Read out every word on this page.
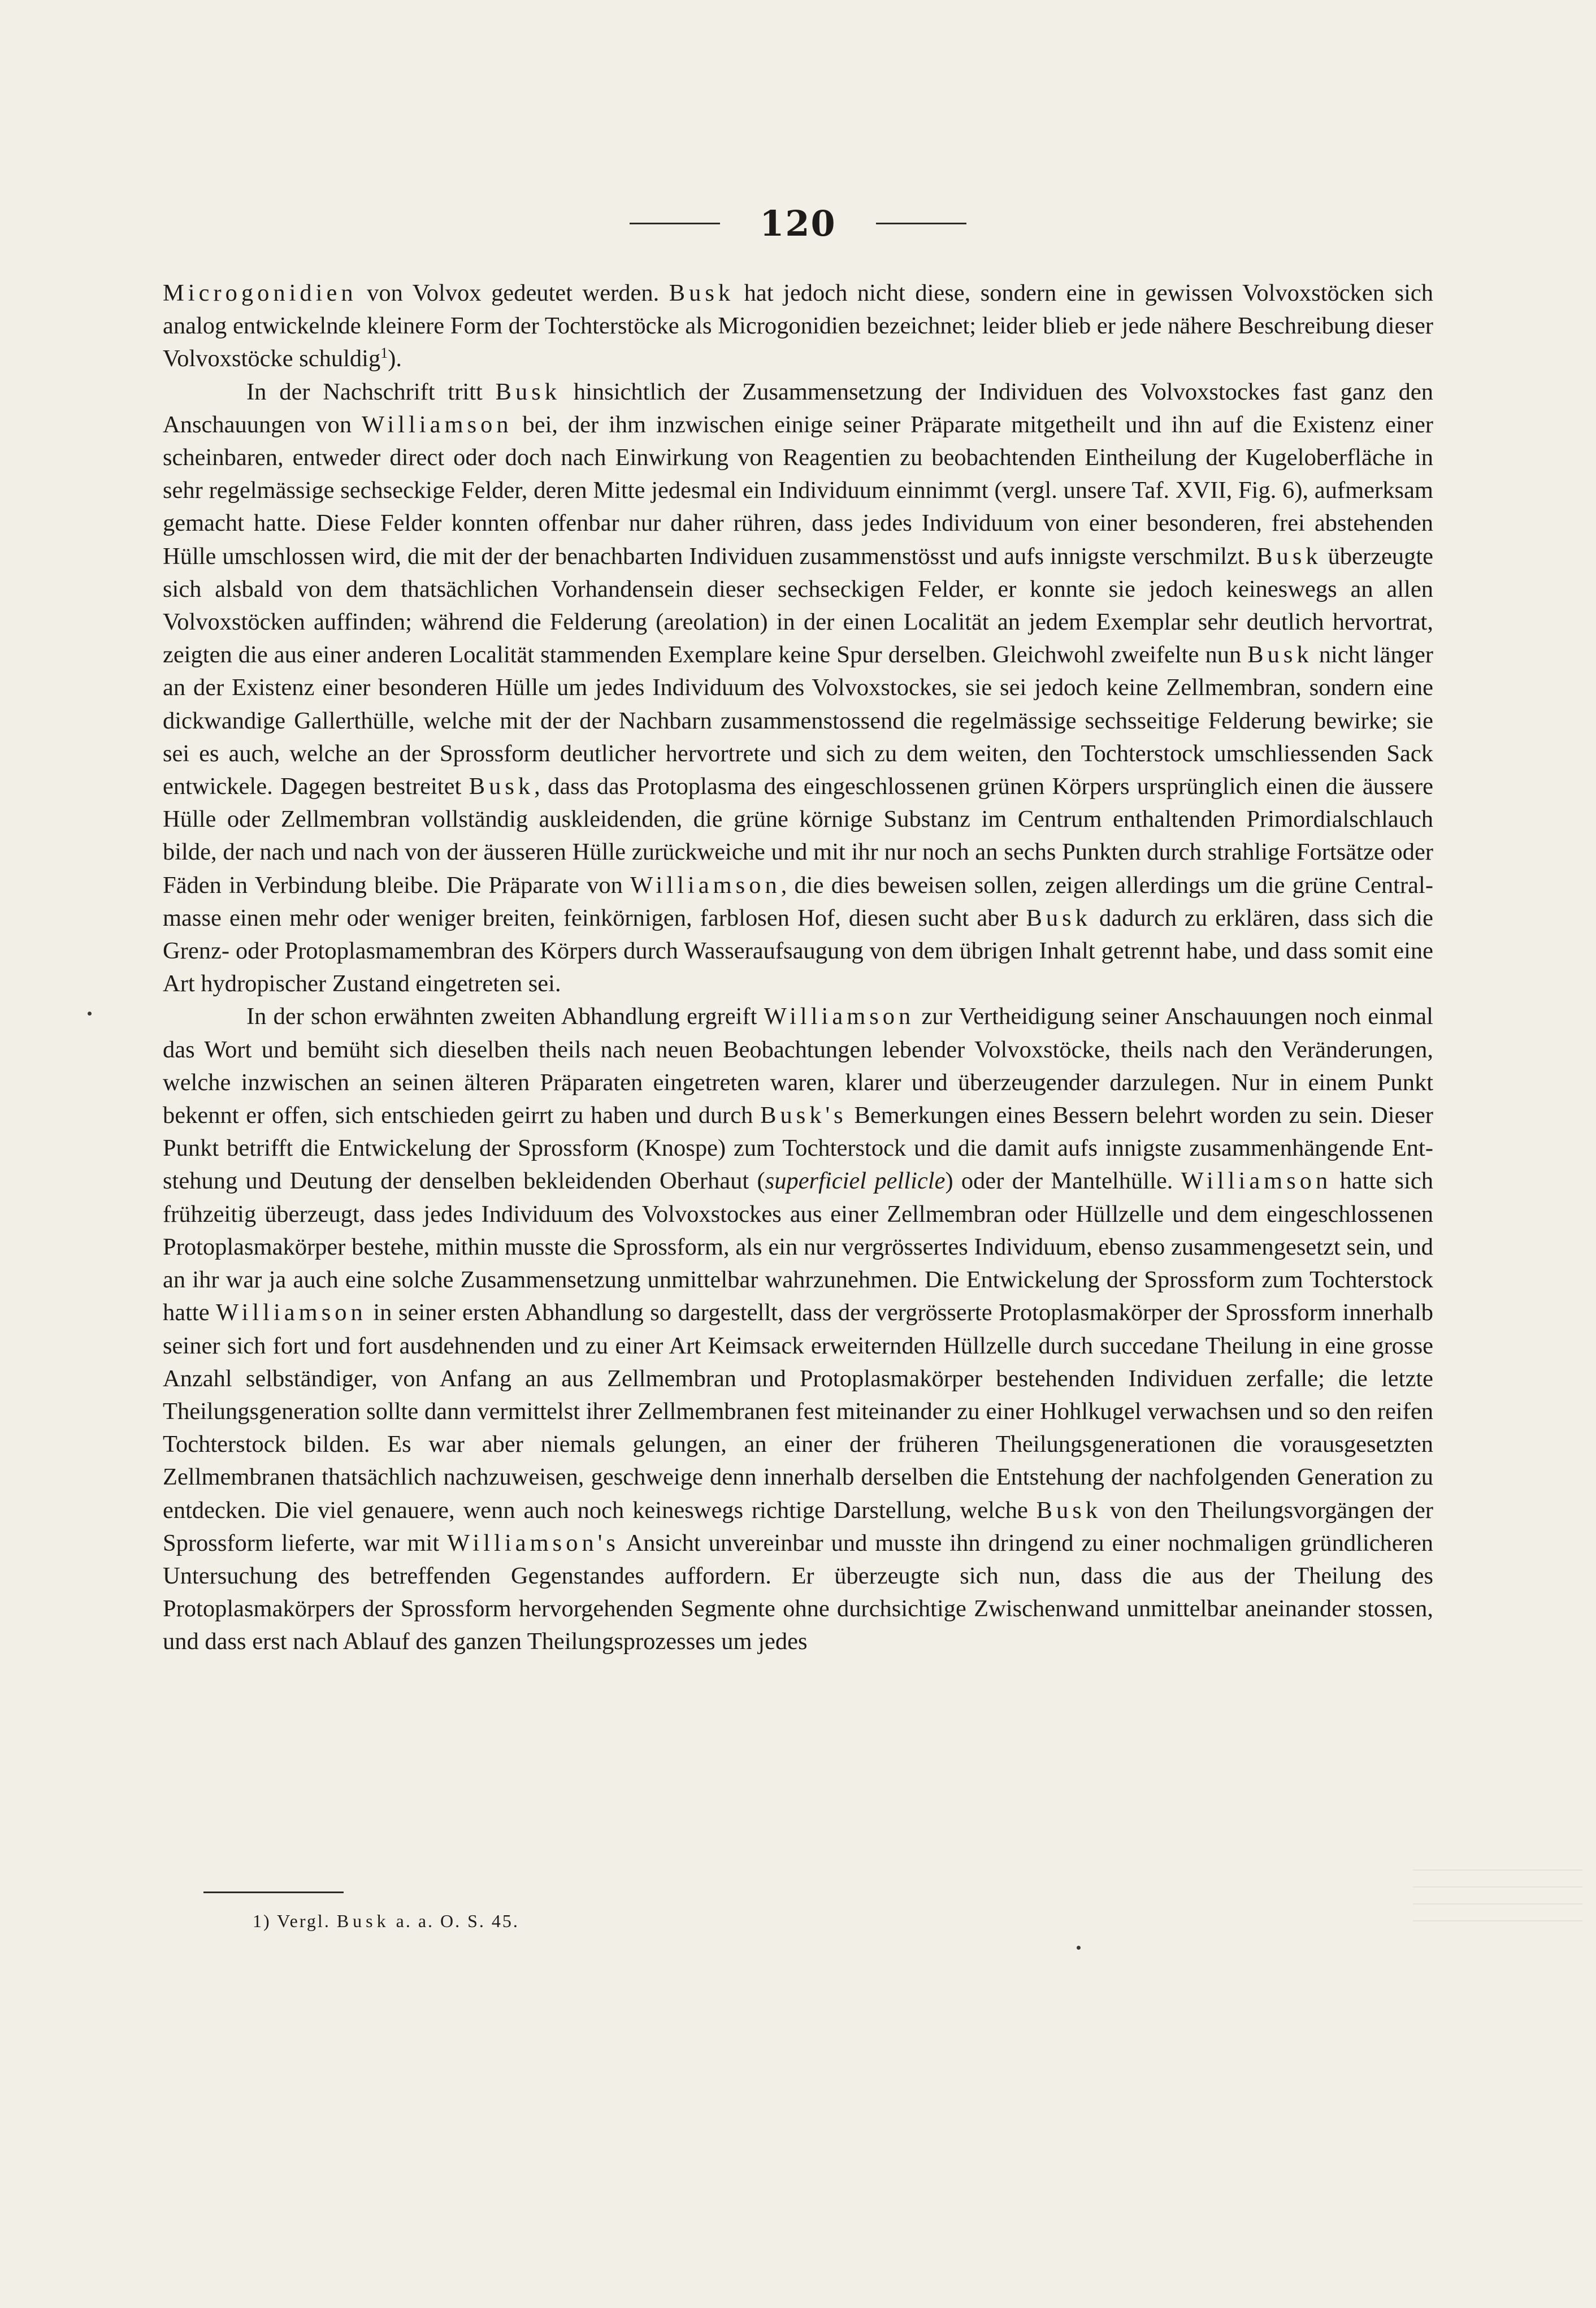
120

Microgonidien von Volvox gedeutet werden. Busk hat jedoch nicht diese, sondern eine in gewissen Volvoxstöcken sich analog entwickelnde kleinere Form der Tochterstöcke als Microgonidien bezeichnet; leider blieb er jede nähere Beschreibung dieser Volvoxstöcke schuldig$^1$).

In der Nachschrift tritt Busk hinsichtlich der Zusammensetzung der Individuen des Volvoxstockes fast ganz den Anschauungen von Williamson bei, der ihm inzwischen einige seiner Präparate mitgetheilt und ihn auf die Existenz einer scheinbaren, entweder direct oder doch nach Einwirkung von Reagentien zu beobachtenden Eintheilung der Kugeloberfläche in sehr regelmässige sechseckige Felder, deren Mitte jedesmal ein Individuum einnimmt (vergl. unsere Taf. XVII, Fig. 6), aufmerksam gemacht hatte. Diese Felder konnten offenbar nur daher rühren, dass jedes Individuum von einer besonderen, frei abstehenden Hülle umschlossen wird, die mit der der benachbarten Individuen zusammenstösst und aufs innigste verschmilzt. Busk überzeugte sich alsbald von dem thatsächlichen Vorhandensein dieser sechseckigen Felder, er konnte sie jedoch keineswegs an allen Volvoxstöcken auffinden; während die Felderung (areolation) in der einen Localität an jedem Exemplar sehr deutlich hervortrat, zeigten die aus einer anderen Localität stammenden Exemplare keine Spur derselben. Gleichwohl zweifelte nun Busk nicht länger an der Existenz einer besonderen Hülle um jedes Individuum des Volvoxstockes, sie sei jedoch keine Zellmembran, sondern eine dickwandige Gallerthülle, welche mit der der Nachbarn zusammenstossend die regelmässige sechsseitige Felderung bewirke; sie sei es auch, welche an der Sprossform deutlicher hervortrete und sich zu dem weiten, den Tochterstock umschliessenden Sack entwickele. Dagegen bestreitet Busk, dass das Protoplasma des eingeschlossenen grünen Körpers ursprünglich einen die äussere Hülle oder Zellmembran vollständig auskleidenden, die grüne körnige Substanz im Centrum enthaltenden Primordialschlauch bilde, der nach und nach von der äusseren Hülle zurückweiche und mit ihr nur noch an sechs Punkten durch strahlige Fortsätze oder Fäden in Verbindung bleibe. Die Präparate von Williamson, die dies beweisen sollen, zeigen allerdings um die grüne Centralmasse einen mehr oder weniger breiten, feinkörnigen, farblosen Hof, diesen sucht aber Busk dadurch zu erklären, dass sich die Grenz- oder Protoplasmamembran des Körpers durch Wasseraufsaugung von dem übrigen Inhalt getrennt habe, und dass somit eine Art hydropischer Zustand eingetreten sei.

In der schon erwähnten zweiten Abhandlung ergreift Williamson zur Vertheidigung seiner Anschauungen noch einmal das Wort und bemüht sich dieselben theils nach neuen Beobachtungen lebender Volvoxstöcke, theils nach den Veränderungen, welche inzwischen an seinen älteren Präparaten eingetreten waren, klarer und überzeugender darzulegen. Nur in einem Punkt bekennt er offen, sich entschieden geirrt zu haben und durch Busk's Bemerkungen eines Bessern belehrt worden zu sein. Dieser Punkt betrifft die Entwickelung der Sprossform (Knospe) zum Tochterstock und die damit aufs innigste zusammenhängende Entstehung und Deutung der denselben bekleidenden Oberhaut (superficiel pellicle) oder der Mantelhülle. Williamson hatte sich frühzeitig überzeugt, dass jedes Individuum des Volvoxstockes aus einer Zellmembran oder Hüllzelle und dem eingeschlossenen Protoplasmakörper bestehe, mithin musste die Sprossform, als ein nur vergrössertes Individuum, ebenso zusammengesetzt sein, und an ihr war ja auch eine solche Zusammensetzung unmittelbar wahrzunehmen. Die Entwickelung der Sprossform zum Tochterstock hatte Williamson in seiner ersten Abhandlung so dargestellt, dass der vergrösserte Protoplasmakörper der Sprossform innerhalb seiner sich fort und fort ausdehnenden und zu einer Art Keimsack erweiternden Hüllzelle durch succedane Theilung in eine grosse Anzahl selbständiger, von Anfang an aus Zellmembran und Protoplasmakörper bestehenden Individuen zerfalle; die letzte Theilungsgeneration sollte dann vermittelst ihrer Zellmembranen fest miteinander zu einer Hohlkugel verwachsen und so den reifen Tochterstock bilden. Es war aber niemals gelungen, an einer der früheren Theilungsgenerationen die vorausgesetzten Zellmembranen thatsächlich nachzuweisen, geschweige denn innerhalb derselben die Entstehung der nachfolgenden Generation zu entdecken. Die viel genauere, wenn auch noch keineswegs richtige Darstellung, welche Busk von den Theilungsvorgängen der Sprossform lieferte, war mit Williamson's Ansicht unvereinbar und musste ihn dringend zu einer nochmaligen gründlicheren Untersuchung des betreffenden Gegenstandes auffordern. Er überzeugte sich nun, dass die aus der Theilung des Protoplasmakörpers der Sprossform hervorgehenden Segmente ohne durchsichtige Zwischenwand unmittelbar aneinander stossen, und dass erst nach Ablauf des ganzen Theilungsprozesses um jedes

1) Vergl. Busk a. a. O. S. 45.
